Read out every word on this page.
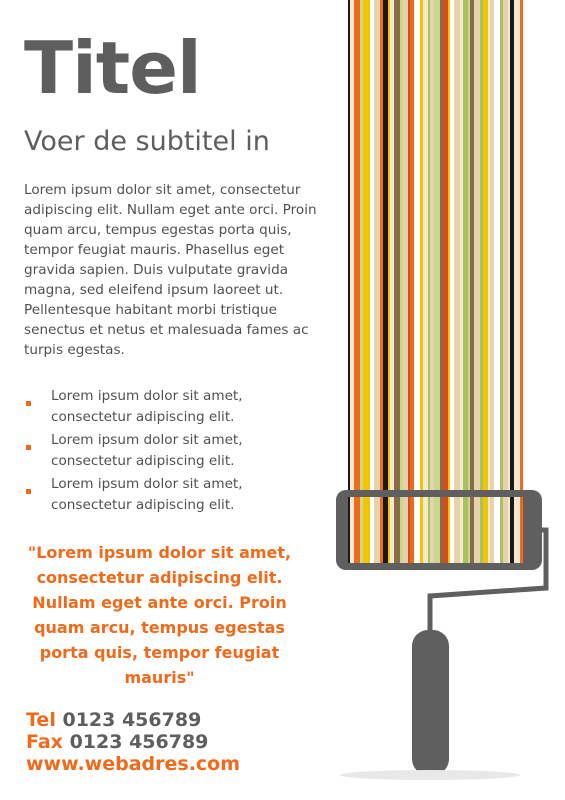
Titel
Voer de subtitel in
Lorem ipsum dolor sit amet, consectetur adipiscing elit. Nullam eget ante orci. Proin quam arcu, tempus egestas porta quis, tempor feugiat mauris. Phasellus eget gravida sapien. Duis vulputate gravida magna, sed eleifend ipsum laoreet ut. Pellentesque habitant morbi tristique senectus et netus et malesuada fames ac turpis egestas.
Lorem ipsum dolor sit amet,
consectetur adipiscing elit.
Lorem ipsum dolor sit amet,
consectetur adipiscing elit.
Lorem ipsum dolor sit amet,
consectetur adipiscing elit.
"Lorem ipsum dolor sit amet, consectetur adipiscing elit. Nullam eget ante orci. Proin quam arcu, tempus egestas porta quis, tempor feugiat mauris"
Tel 0123 456789
Fax 0123 456789
www.webadres.com
